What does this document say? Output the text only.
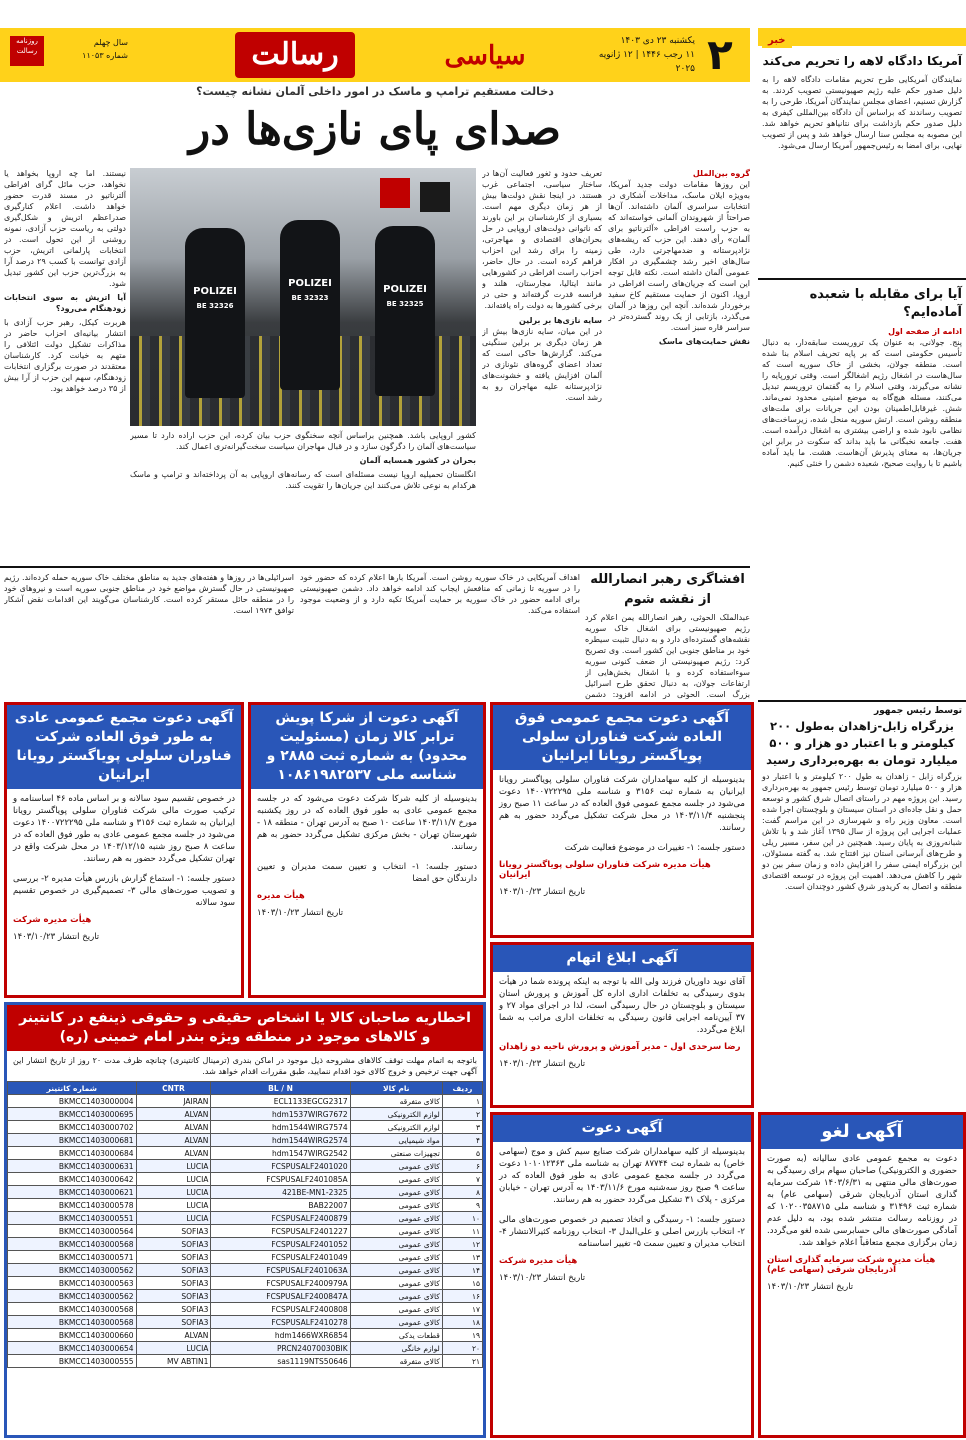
۲
یکشنبه ۲۳ دی ۱۴۰۳
۱۱ رجب ۱۴۴۶ | ۱۲ ژانویه ۲۰۲۵
سیاسی
رسالت
روزنامه رسالت
سال چهلم
شماره ۱۱۰۵۳
خبر
آمریکا دادگاه لاهه را تحریم می‌کند
نمایندگان آمریکایی طرح تحریم مقامات دادگاه لاهه را به دلیل صدور حکم علیه رژیم صهیونیستی تصویب کردند. به گزارش تسنیم، اعضای مجلس نمایندگان آمریکا، طرحی را به تصویب رساندند که براساس آن دادگاه بین‌المللی کیفری به دلیل صدور حکم بازداشت برای نتانیاهو تحریم خواهد شد. این مصوبه به مجلس سنا ارسال خواهد شد و پس از تصویب نهایی، برای امضا به رئیس‌جمهور آمریکا ارسال می‌شود.
آیا برای مقابله با شعبده آماده‌ایم؟
ادامه از صفحه اول
پنج. جولانی، به عنوان یک تروریست سابقه‌دار، به دنبال تأسیس حکومتی است که بر پایه تحریف اسلام بنا شده است. منطقه جولان، بخشی از خاک سوریه است که سال‌هاست در اشغال رژیم اشغالگر است. وقتی ترورپایه را نشانه می‌گیرند، وقتی اسلام را به گفتمان تروریسم تبدیل می‌کنند، مسئله هیچ‌گاه به موضع امنیتی محدود نمی‌ماند. شش. غیرقابل‌اطمینان بودن این جریانات برای ملت‌های منطقه روشن است. ارتش سوریه منحل شده، زیرساخت‌های نظامی نابود شده و اراضی بیشتری به اشغال درآمده است. هفت. جامعه نخبگانی ما باید بداند که سکوت در برابر این جریان‌ها، به معنای پذیرش آن‌هاست. هشت. ما باید آماده باشیم تا با روایت صحیح، شعبده دشمن را خنثی کنیم.
دخالت مستقیم ترامپ و ماسک در امور داخلی آلمان نشانه چیست؟
صدای پای نازی‌ها در
POLIZEI
BE 32326
POLIZEI
BE 32323
POLIZEI
BE 32325
گروه بین‌الملل
این روزها مقامات دولت جدید آمریکا، به‌ویژه ایلان ماسک، مداخلات آشکاری در انتخابات سراسری آلمان داشته‌اند. آن‌ها صراحتاً از شهروندان آلمانی خواسته‌اند که به حزب راست افراطی «آلترناتیو برای آلمان» رأی دهند. این حزب که ریشه‌های نژادپرستانه و ضدمهاجرتی دارد، طی سال‌های اخیر رشد چشمگیری در افکار عمومی آلمان داشته است. نکته قابل توجه این است که جریان‌های راست افراطی در اروپا، اکنون از حمایت مستقیم کاخ سفید برخوردار شده‌اند. آنچه این روزها در آلمان می‌گذرد، بازتابی از یک روند گسترده‌تر در سراسر قاره سبز است.
نقش حمایت‌های ماسک
تعریف حدود و ثغور فعالیت آن‌ها در ساختار سیاسی، اجتماعی غرب هستند. در اینجا نقش دولت‌ها بیش از هر زمان دیگری مهم است. بسیاری از کارشناسان بر این باورند که ناتوانی دولت‌های اروپایی در حل بحران‌های اقتصادی و مهاجرتی، زمینه را برای رشد این احزاب فراهم کرده است. در حال حاضر، احزاب راست افراطی در کشورهایی مانند ایتالیا، مجارستان، هلند و فرانسه قدرت گرفته‌اند و حتی در برخی کشورها به دولت راه یافته‌اند.
سایه نازی‌ها بر برلین
در این میان، سایه نازی‌ها بیش از هر زمان دیگری بر برلین سنگینی می‌کند. گزارش‌ها حاکی است که تعداد اعضای گروه‌های نئونازی در آلمان افزایش یافته و خشونت‌های نژادپرستانه علیه مهاجران رو به رشد است.
نیستند. اما چه اروپا بخواهد یا نخواهد، حزب مائل گرای افراطی آلترناتیو در مسند قدرت حضور خواهد داشت. اعلام کنارگیری صدراعظم اتریش و شکل‌گیری دولتی به ریاست حزب آزادی، نمونه روشنی از این تحول است. در انتخابات پارلمانی اتریش، حزب آزادی توانست با کسب ۲۹ درصد آرا به بزرگ‌ترین حزب این کشور تبدیل شود.
آیا اتریش به سوی انتخابات زودهنگام می‌رود؟
هربرت کیکل، رهبر حزب آزادی با انتشار بیانیه‌ای احزاب حاضر در مذاکرات تشکیل دولت ائتلافی را متهم به خیانت کرد. کارشناسان معتقدند در صورت برگزاری انتخابات زودهنگام، سهم این حزب از آرا بیش از ۳۵ درصد خواهد بود.
کشور اروپایی باشد. همچنین براساس آنچه سخنگوی حزب بیان کرده، این حزب اراده دارد تا مسیر سیاست‌های آلمان را دگرگون سازد و در قبال مهاجران سیاست سخت‌گیرانه‌تری اعمال کند.
بحران در کشور همسایه آلمان
انگلستان تحمیلیه اروپا نیست مسئله‌ای است که رسانه‌های اروپایی به آن پرداخته‌اند و ترامپ و ماسک هرکدام به نوعی تلاش می‌کنند این جریان‌ها را تقویت کنند.
افشاگری رهبر انصارالله از نقشه شوم
عبدالملک الحوثی، رهبر انصارالله یمن اعلام کرد رژیم صهیونیستی برای اشغال خاک سوریه نقشه‌های گسترده‌ای دارد و به دنبال تثبیت سیطره خود بر مناطق جنوبی این کشور است. وی تصریح کرد: رژیم صهیونیستی از ضعف کنونی سوریه سوءاستفاده کرده و با اشغال بخش‌هایی از ارتفاعات جولان، به دنبال تحقق طرح اسرائیل بزرگ است. الحوثی در ادامه افزود: دشمن
اهداف آمریکایی در خاک سوریه روشن است. آمریکا بارها اعلام کرده که حضور خود را در سوریه تا زمانی که منافعش ایجاب کند ادامه خواهد داد. دشمن صهیونیستی برای ادامه حضور در خاک سوریه بر حمایت آمریکا تکیه دارد و از وضعیت موجود استفاده می‌کند.
اسرائیلی‌ها در روزها و هفته‌های جدید به مناطق مختلف خاک سوریه حمله کرده‌اند. رژیم صهیونیستی در حال گسترش مواضع خود در مناطق جنوبی سوریه است و نیروهای خود را در منطقه حائل مستقر کرده است. کارشناسان می‌گویند این اقدامات نقض آشکار توافق ۱۹۷۴ است.
توسط رئیس جمهور
بزرگراه زابل-زاهدان به‌طول ۲۰۰ کیلومتر و با اعتبار دو هزار و ۵۰۰ میلیارد تومان به بهره‌برداری رسید
بزرگراه زابل - زاهدان به طول ۲۰۰ کیلومتر و با اعتبار دو هزار و ۵۰۰ میلیارد تومان توسط رئیس جمهور به بهره‌برداری رسید. این پروژه مهم در راستای اتصال شرق کشور و توسعه حمل و نقل جاده‌ای در استان سیستان و بلوچستان اجرا شده است. معاون وزیر راه و شهرسازی در این مراسم گفت: عملیات اجرایی این پروژه از سال ۱۳۹۵ آغاز شد و با تلاش شبانه‌روزی به پایان رسید. همچنین در این سفر، مسیر ریلی و طرح‌های آبرسانی استان نیز افتتاح شد. به گفته مسئولان، این بزرگراه ایمنی سفر را افزایش داده و زمان سفر بین دو شهر را کاهش می‌دهد. اهمیت این پروژه در توسعه اقتصادی منطقه و اتصال به کریدور شرق کشور دوچندان است.
آگهی دعوت مجمع عمومی فوق العاده شرکت فناوران سلولی پویاگستر رویانا ایرانیان
بدینوسیله از کلیه سهامداران شرکت فناوران سلولی پویاگستر رویانا ایرانیان به شماره ثبت ۳۱۵۶ و شناسه ملی ۱۴۰۰۷۲۲۲۹۵ دعوت می‌شود در جلسه مجمع عمومی فوق العاده که در ساعت ۱۱ صبح روز پنجشنبه ۱۴۰۳/۱۱/۴ در محل شرکت تشکیل می‌گردد حضور به هم رسانند.
دستور جلسه: ۱- تغییرات در موضوع فعالیت شرکت
هیأت مدیره شرکت فناوران سلولی پویاگستر رویانا ایرانیان
تاریخ انتشار ۱۴۰۳/۱۰/۲۳
آگهی دعوت از شرکا پویش ترابر کالا زمان (مسئولیت محدود) به شماره ثبت ۲۸۸۵ و شناسه ملی ۱۰۸۶۱۹۸۲۵۳۷
بدینوسیله از کلیه شرکا شرکت دعوت می‌شود که در جلسه مجمع عمومی عادی به طور فوق العاده که در روز یکشنبه مورخ ۱۴۰۳/۱۱/۷ ساعت ۱۰ صبح به آدرس تهران - منطقه ۱۸ - شهرستان تهران - بخش مرکزی تشکیل می‌گردد حضور به هم رسانند.
دستور جلسه: ۱- انتخاب و تعیین سمت مدیران و تعیین دارندگان حق امضا
هیأت مدیره
تاریخ انتشار ۱۴۰۳/۱۰/۲۳
آگهی دعوت مجمع عمومی عادی به طور فوق العاده شرکت فناوران سلولی پویاگستر رویانا ایرانیان
در خصوص تقسیم سود سالانه و بر اساس ماده ۴۶ اساسنامه و ترکیب صورت مالی شرکت فناوران سلولی پویاگستر رویانا ایرانیان به شماره ثبت ۳۱۵۶ و شناسه ملی ۱۴۰۰۷۲۲۲۹۵ دعوت می‌شود در جلسه مجمع عمومی عادی به طور فوق العاده که در ساعت ۸ صبح روز شنبه ۱۴۰۳/۱۲/۱۵ در محل شرکت واقع در تهران تشکیل می‌گردد حضور به هم رسانند.
دستور جلسه: ۱- استماع گزارش بازرس هیأت مدیره ۲- بررسی و تصویب صورت‌های مالی ۳- تصمیم‌گیری در خصوص تقسیم سود سالانه
هیأت مدیره شرکت
تاریخ انتشار ۱۴۰۳/۱۰/۲۳
آگهی ابلاغ اتهام
آقای نوید داوریان فرزند ولی الله با توجه به اینکه پرونده شما در هیأت بدوی رسیدگی به تخلفات اداری اداره کل آموزش و پرورش استان سیستان و بلوچستان در حال رسیدگی است، لذا در اجرای مواد ۲۷ و ۳۷ آیین‌نامه اجرایی قانون رسیدگی به تخلفات اداری مراتب به شما ابلاغ می‌گردد.
رضا سرحدی اول - مدیر آموزش و پرورش ناحیه دو زاهدان
تاریخ انتشار ۱۴۰۳/۱۰/۲۳
اخطاریه صاحبان کالا یا اشخاص حقیقی و حقوقی ذینفع در کانتینر و کالاهای موجود در منطقه ویژه بندر امام خمینی (ره)
باتوجه به اتمام مهلت توقف کالاهای مشروحه ذیل موجود در اماکن بندری (ترمینال کانتینری) چنانچه ظرف مدت ۲۰ روز از تاریخ انتشار این آگهی جهت ترخیص و خروج کالای خود اقدام ننمایید، طبق مقررات اقدام خواهد شد.
ردیف	نام کالا	BL / N	CNTR	شماره کانتینر
۱	کالای متفرقه	ECL1133EGCG2317	JAIRAN	BKMCC1403000004
۲	لوازم الکترونیکی	hdm1537WIRG7672	ALVAN	BKMCC1403000695
۳	لوازم الکترونیکی	hdm1544WIRG7574	ALVAN	BKMCC1403000702
۴	مواد شیمیایی	hdm1544WIRG2574	ALVAN	BKMCC1403000681
۵	تجهیزات صنعتی	hdm1547WIRG2542	ALVAN	BKMCC1403000684
۶	کالای عمومی	FCSPUSALF2401020	LUCIA	BKMCC1403000631
۷	کالای عمومی	FCSPUSALF2401085A	LUCIA	BKMCC1403000642
۸	کالای عمومی	421BE-MN1-2325	LUCIA	BKMCC1403000621
۹	کالای عمومی	BAB22007	LUCIA	BKMCC1403000578
۱۰	کالای عمومی	FCSPUSALF2400879	LUCIA	BKMCC1403000551
۱۱	کالای عمومی	FCSPUSALF2401227	SOFIA3	BKMCC1403000564
۱۲	کالای عمومی	FCSPUSALF2401052	SOFIA3	BKMCC1403000568
۱۳	کالای عمومی	FCSPUSALF2401049	SOFIA3	BKMCC1403000571
۱۴	کالای عمومی	FCSPUSALF2401063A	SOFIA3	BKMCC1403000562
۱۵	کالای عمومی	FCSPUSALF2400979A	SOFIA3	BKMCC1403000563
۱۶	کالای عمومی	FCSPUSALF2400847A	SOFIA3	BKMCC1403000562
۱۷	کالای عمومی	FCSPUSALF2400808	SOFIA3	BKMCC1403000568
۱۸	کالای عمومی	FCSPUSALF2410278	SOFIA3	BKMCC1403000568
۱۹	قطعات یدکی	hdm1466WXR6854	ALVAN	BKMCC1403000660
۲۰	لوازم خانگی	PRCN24070030BIK	LUCIA	BKMCC1403000654
۲۱	کالای متفرقه	sas1119NTS50646	MV ABTIN1	BKMCC1403000555
آگهی دعوت
بدینوسیله از کلیه سهامداران شرکت صنایع سیم کش و موج (سهامی خاص) به شماره ثبت ۸۷۷۴۴ تهران به شناسه ملی ۱۰۱۰۱۲۳۶۳ دعوت می‌گردد در جلسه مجمع عمومی عادی به طور فوق العاده که در ساعت ۹ صبح روز سه‌شنبه مورخ ۱۴۰۳/۱۱/۶ به آدرس تهران - خیابان مرکزی - پلاک ۳۱ تشکیل می‌گردد حضور به هم رسانند.
دستور جلسه: ۱- رسیدگی و اتخاذ تصمیم در خصوص صورت‌های مالی ۲- انتخاب بازرس اصلی و علی‌البدل ۳- انتخاب روزنامه کثیرالانتشار ۴- انتخاب مدیران و تعیین سمت ۵- تغییر اساسنامه
هیأت مدیره شرکت
تاریخ انتشار ۱۴۰۳/۱۰/۲۳
آگهی لغو
دعوت به مجمع عمومی عادی سالیانه (به صورت حضوری و الکترونیکی) صاحبان سهام برای رسیدگی به صورت‌های مالی منتهی به ۱۴۰۳/۶/۳۱ شرکت سرمایه گذاری استان آذربایجان شرقی (سهامی عام) به شماره ثبت ۳۱۴۹۶ و شناسه ملی ۱۰۲۰۰۳۵۸۷۱۵ که در روزنامه رسالت منتشر شده بود، به دلیل عدم آمادگی صورت‌های مالی حسابرسی شده لغو می‌گردد. زمان برگزاری مجمع متعاقباً اعلام خواهد شد.
هیأت مدیره شرکت سرمایه گذاری استان آذربایجان شرقی (سهامی عام)
تاریخ انتشار ۱۴۰۳/۱۰/۲۳
